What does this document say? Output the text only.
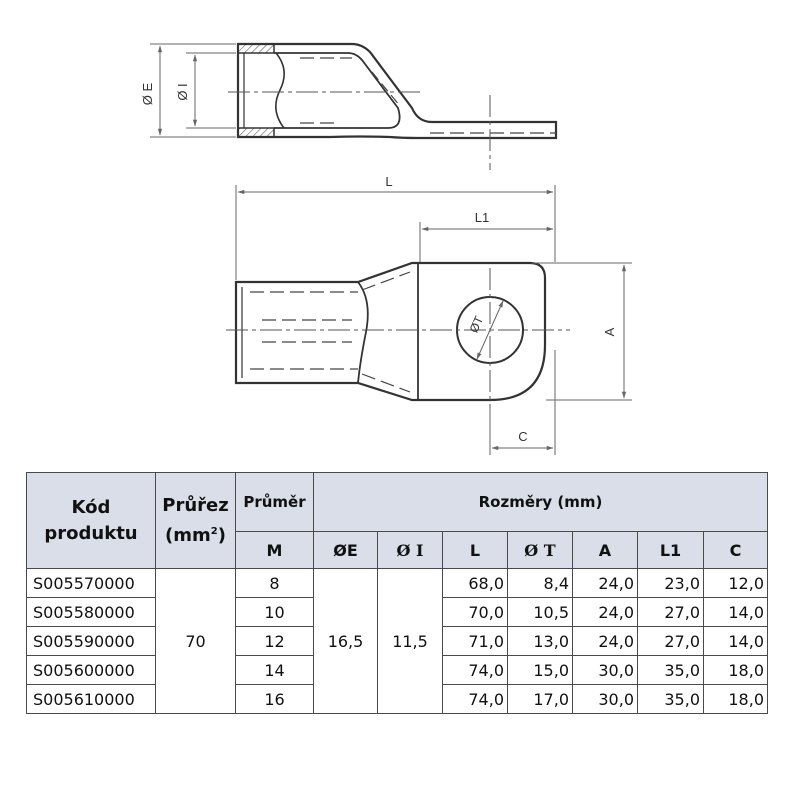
Ø E Ø I
L
L1
A
C
ØT
Kód
produktu	Průřez
$(mm^2)$	Průměr	Rozměry (mm)						
		M	ØE	Ø I	L	Ø T	A	L1	C
S005570000	70	8	16,5	11,5	68,0	8,4	24,0	23,0	12,0
S005580000		10			70,0	10,5	24,0	27,0	14,0
S005590000		12			71,0	13,0	24,0	27,0	14,0
S005600000		14			74,0	15,0	30,0	35,0	18,0
S005610000		16			74,0	17,0	30,0	35,0	18,0
